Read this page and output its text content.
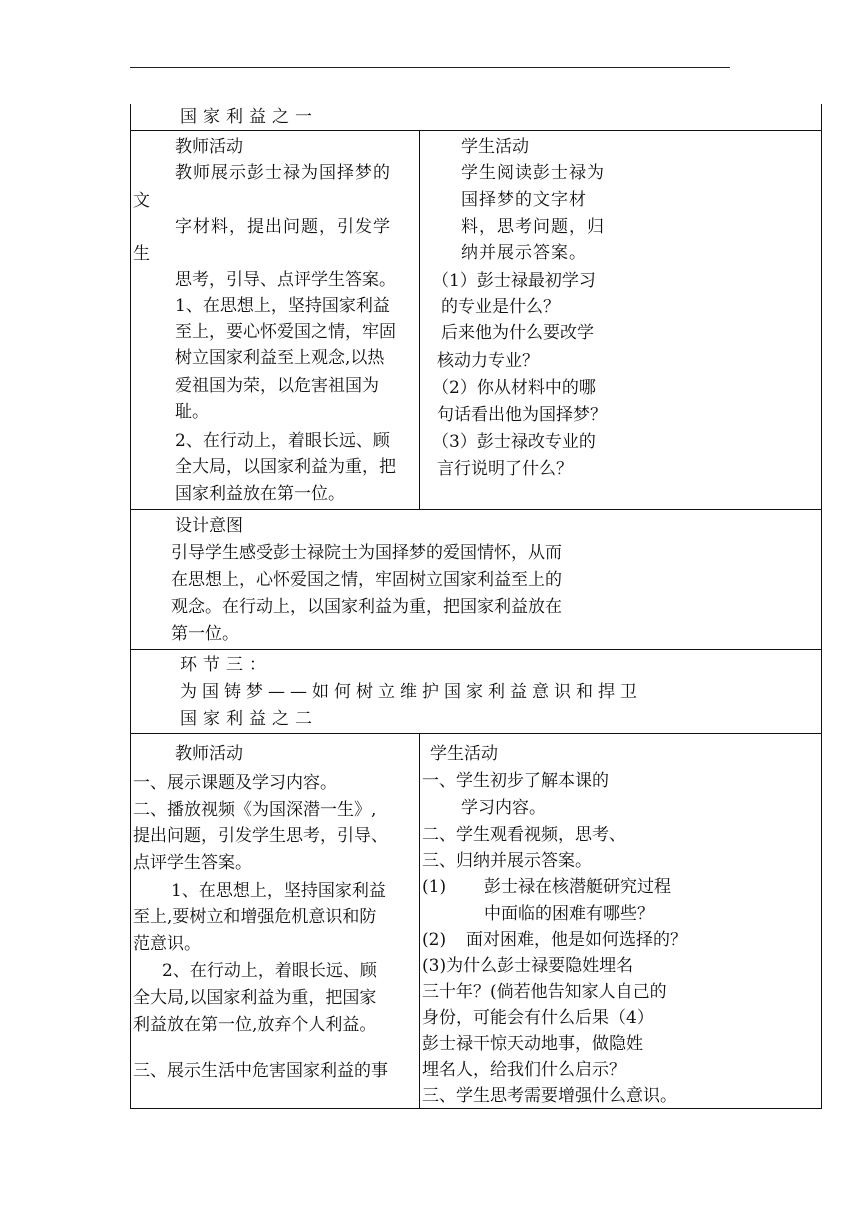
国家利益之一
教师活动
教师展示彭士禄为国择梦的
文
字材料，提出问题，引发学
生
思考，引导、点评学生答案。
1、在思想上，坚持国家利益
至上，要心怀爱国之情，牢固
树立国家利益至上观念,以热
爱祖国为荣，以危害祖国为
耻。
2、在行动上，着眼长远、顾
全大局，以国家利益为重，把
国家利益放在第一位。
学生活动
学生阅读彭士禄为
国择梦的文字材
料，思考问题，归
纳并展示答案。
（1）彭士禄最初学习
的专业是什么？
后来他为什么要改学
核动力专业？
（2）你从材料中的哪
句话看出他为国择梦？
（3）彭士禄改专业的
言行说明了什么？
设计意图
引导学生感受彭士禄院士为国择梦的爱国情怀，从而
在思想上，心怀爱国之情，牢固树立国家利益至上的
观念。在行动上，以国家利益为重，把国家利益放在
第一位。
环节三：
为国铸梦——如何树立维护国家利益意识和捍卫
国家利益之二
教师活动
一、展示课题及学习内容。
二、播放视频《为国深潜一生》,
提出问题，引发学生思考，引导、
点评学生答案。
1、在思想上，坚持国家利益
至上,要树立和增强危机意识和防
范意识。
2、在行动上，着眼长远、顾
全大局,以国家利益为重，把国家
利益放在第一位,放弃个人利益。
三、展示生活中危害国家利益的事
学生活动
一、学生初步了解本课的
学习内容。
二、学生观看视频，思考、
三、归纳并展示答案。
(1) 彭士禄在核潜艇研究过程
中面临的困难有哪些？
(2) 面对困难，他是如何选择的？
(3)为什么彭士禄要隐姓埋名
三十年？(倘若他告知家人自己的
身份，可能会有什么后果（4）
彭士禄干惊天动地事，做隐姓
埋名人，给我们什么启示？
三、学生思考需要增强什么意识。
